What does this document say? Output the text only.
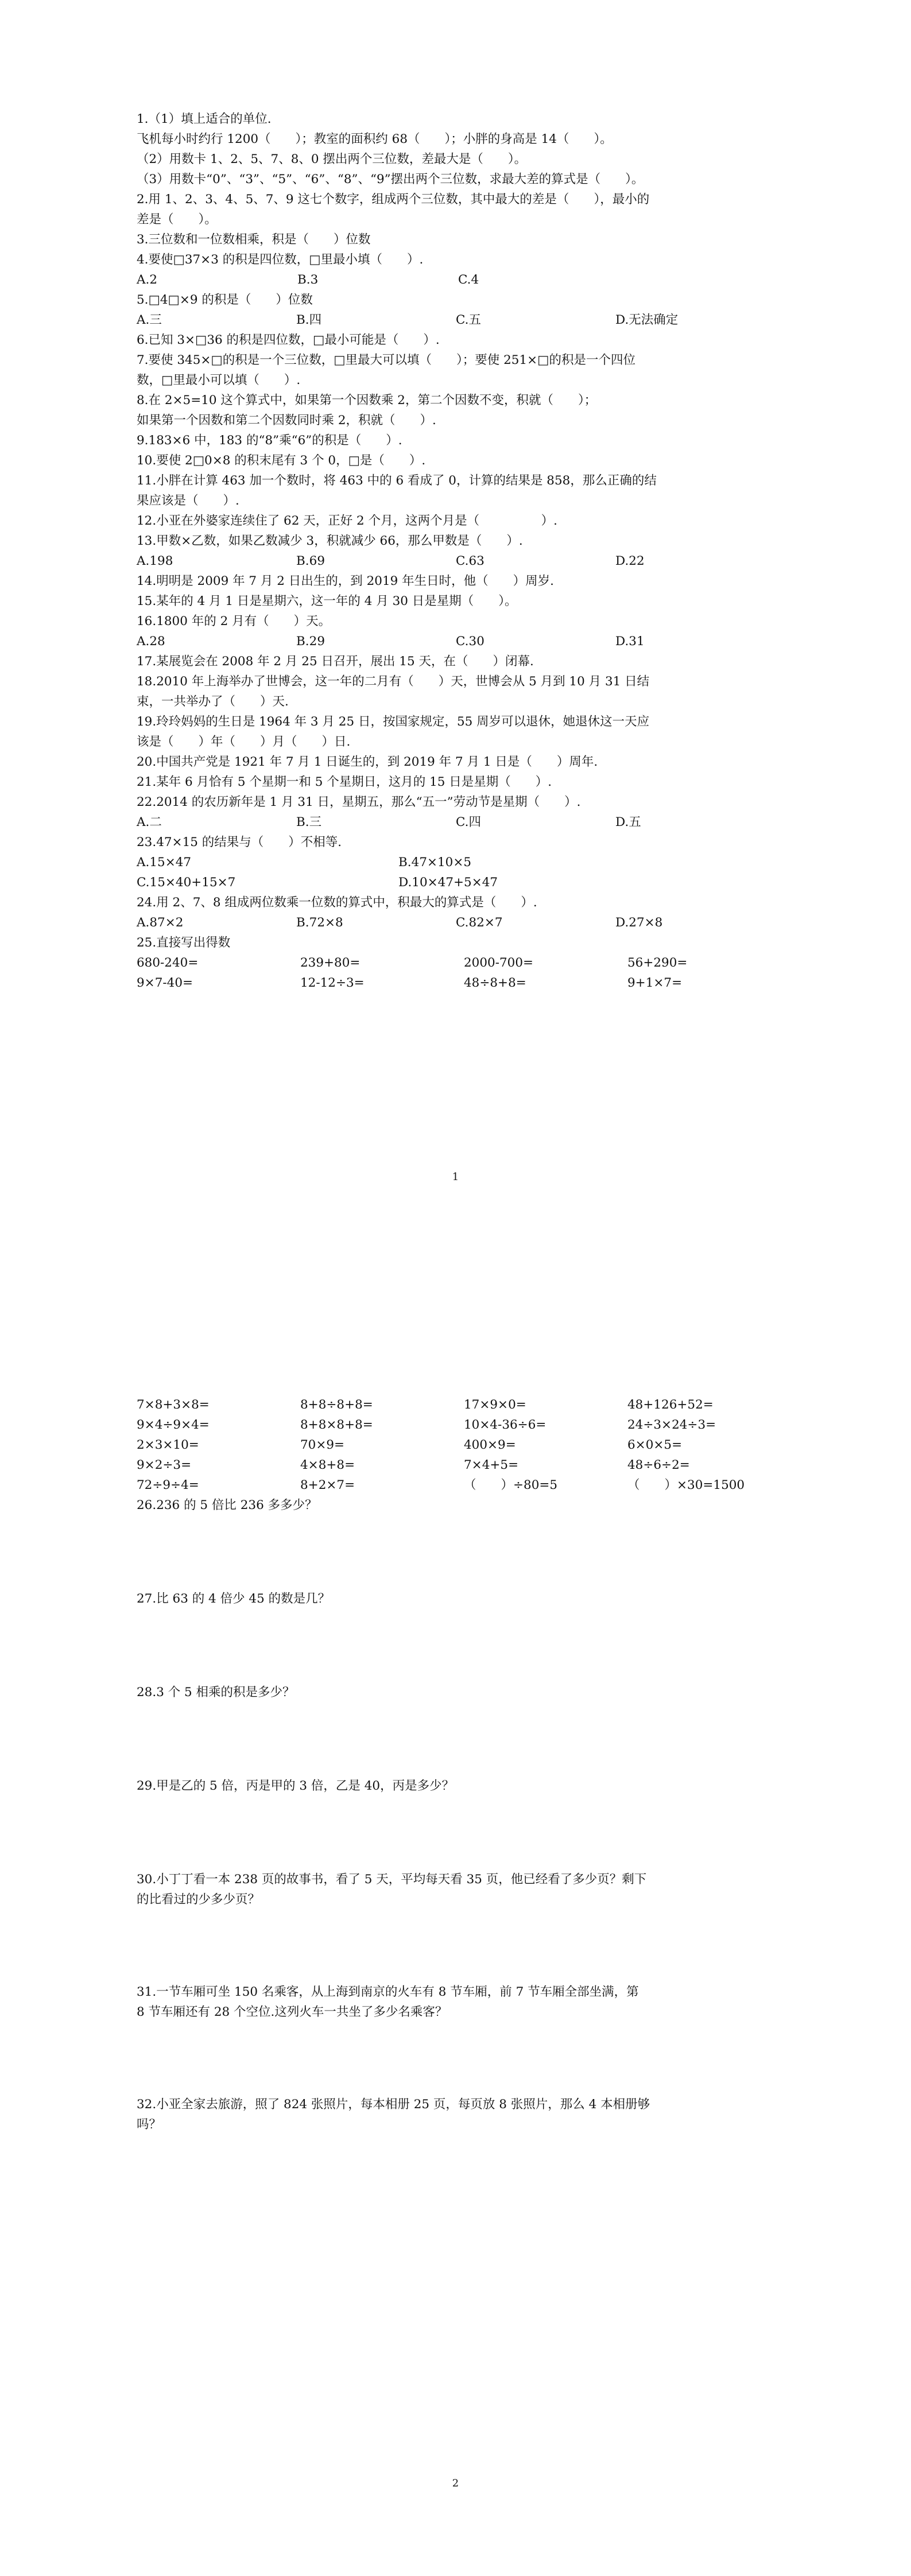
1.（1）填上适合的单位.
飞机每小时约行 1200（　　）；教室的面积约 68（　　）；小胖的身高是 14（　　）。
（2）用数卡 1、2、5、7、8、0 摆出两个三位数，差最大是（　　）。
（3）用数卡“0”、“3”、“5”、“6”、“8”、“9”摆出两个三位数，求最大差的算式是（　　）。
2.用 1、2、3、4、5、7、9 这七个数字，组成两个三位数，其中最大的差是（　　），最小的
差是（　　）。
3.三位数和一位数相乘，积是（　　）位数
4.要使□37×3 的积是四位数，□里最小填（　　）.
A.2	B.3	C.4
5.□4□×9 的积是（　　）位数
A.三	B.四	C.五	D.无法确定
6.已知 3×□36 的积是四位数，□最小可能是（　　）.
7.要使 345×□的积是一个三位数，□里最大可以填（　　）；要使 251×□的积是一个四位
数，□里最小可以填（　　）.
8.在 2×5=10 这个算式中，如果第一个因数乘 2，第二个因数不变，积就（　　）；
如果第一个因数和第二个因数同时乘 2，积就（　　）.
9.183×6 中，183 的“8”乘“6”的积是（　　）.
10.要使 2□0×8 的积末尾有 3 个 0，□是（　　）.
11.小胖在计算 463 加一个数时，将 463 中的 6 看成了 0，计算的结果是 858，那么正确的结
果应该是（　　）.
12.小亚在外婆家连续住了 62 天，正好 2 个月，这两个月是（　　　　　）.
13.甲数×乙数，如果乙数减少 3，积就减少 66，那么甲数是（　　）.
A.198	B.69	C.63	D.22
14.明明是 2009 年 7 月 2 日出生的，到 2019 年生日时，他（　　）周岁.
15.某年的 4 月 1 日是星期六，这一年的 4 月 30 日是星期（　　）。
16.1800 年的 2 月有（　　）天。
A.28	B.29	C.30	D.31
17.某展览会在 2008 年 2 月 25 日召开，展出 15 天，在（　　）闭幕.
18.2010 年上海举办了世博会，这一年的二月有（　　）天，世博会从 5 月到 10 月 31 日结
束，一共举办了（　　）天.
19.玲玲妈妈的生日是 1964 年 3 月 25 日，按国家规定，55 周岁可以退休，她退休这一天应
该是（　　）年（　　）月（　　）日.
20.中国共产党是 1921 年 7 月 1 日诞生的，到 2019 年 7 月 1 日是（　　）周年.
21.某年 6 月恰有 5 个星期一和 5 个星期日，这月的 15 日是星期（　　）.
22.2014 的农历新年是 1 月 31 日，星期五，那么“五一”劳动节是星期（　　）.
A.二	B.三	C.四	D.五
23.47×15 的结果与（　　）不相等.
A.15×47	B.47×10×5
C.15×40+15×7	D.10×47+5×47
24.用 2、7、8 组成两位数乘一位数的算式中，积最大的算式是（　　）.
A.87×2	B.72×8	C.82×7	D.27×8
25.直接写出得数
680-240=	239+80=	2000-700=	56+290=
9×7-40=	12-12÷3=	48÷8+8=	9+1×7=
1
7×8+3×8=	8+8÷8+8=	17×9×0=	48+126+52=
9×4÷9×4=	8+8×8+8=	10×4-36÷6=	24÷3×24÷3=
2×3×10=	70×9=	400×9=	6×0×5=
9×2÷3=	4×8+8=	7×4+5=	48÷6÷2=
72÷9÷4=	8+2×7=	（　　）÷80=5	（　　）×30=1500
26.236 的 5 倍比 236 多多少？
27.比 63 的 4 倍少 45 的数是几？
28.3 个 5 相乘的积是多少？
29.甲是乙的 5 倍，丙是甲的 3 倍，乙是 40，丙是多少？
30.小丁丁看一本 238 页的故事书，看了 5 天，平均每天看 35 页，他已经看了多少页？剩下
的比看过的少多少页？
31.一节车厢可坐 150 名乘客，从上海到南京的火车有 8 节车厢，前 7 节车厢全部坐满，第
8 节车厢还有 28 个空位.这列火车一共坐了多少名乘客？
32.小亚全家去旅游，照了 824 张照片，每本相册 25 页，每页放 8 张照片，那么 4 本相册够
吗？
2
